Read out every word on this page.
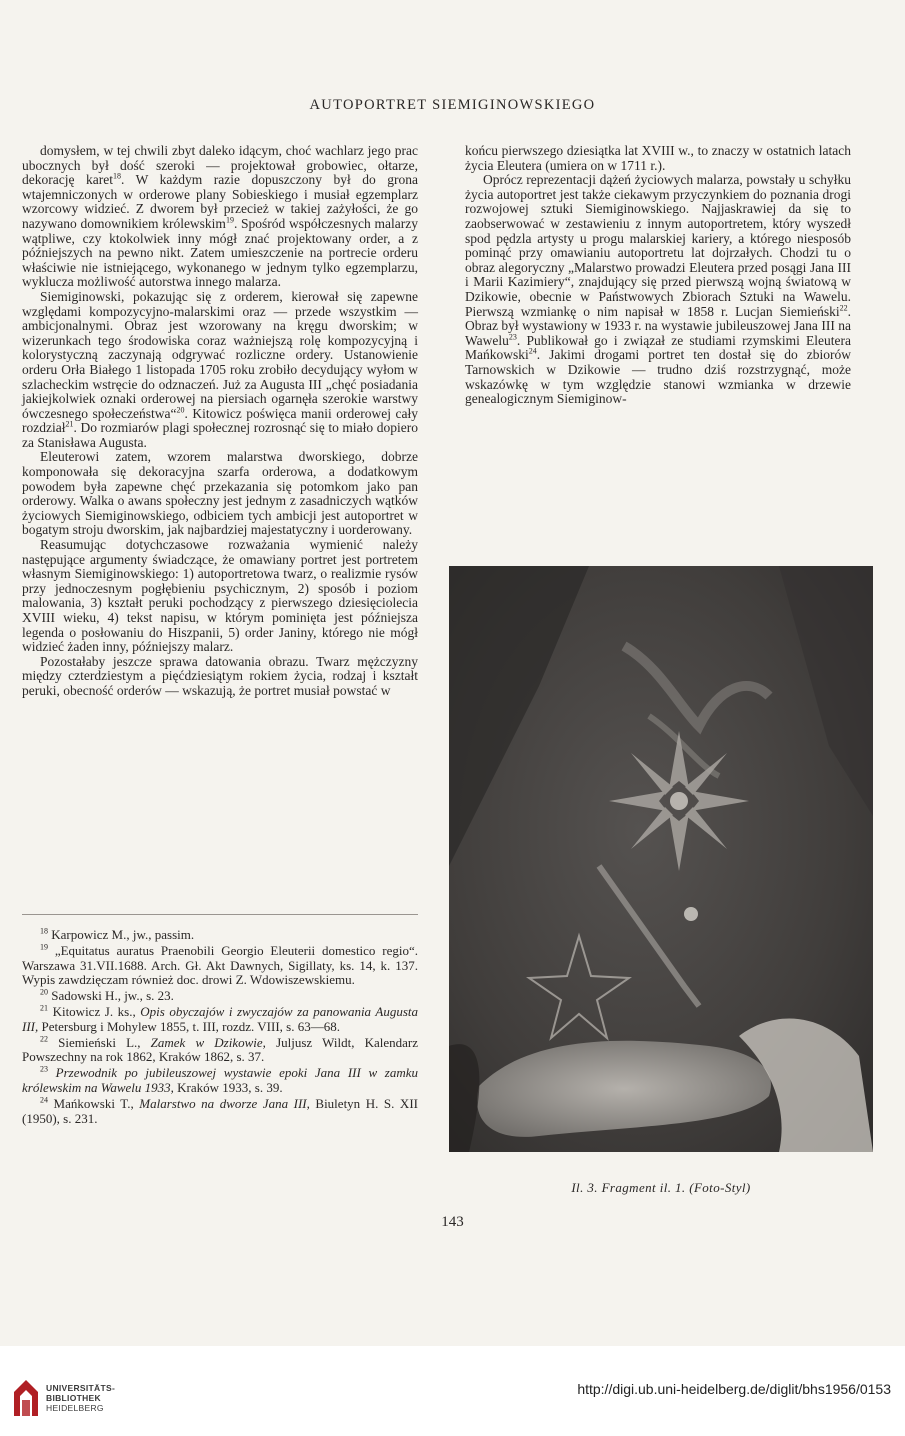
AUTOPORTRET SIEMIGINOWSKIEGO

domysłem, w tej chwili zbyt daleko idącym, choć wachlarz jego prac ubocznych był dość szeroki — projektował grobowiec, ołtarze, dekorację karet$^{18}$. W każdym razie dopuszczony był do grona wtajemniczonych w orderowe plany Sobieskiego i musiał egzemplarz wzorcowy widzieć. Z dworem był przecież w takiej zażyłości, że go nazywano domownikiem królewskim$^{19}$. Spośród współczesnych malarzy wątpliwe, czy ktokolwiek inny mógł znać projektowany order, a z późniejszych na pewno nikt. Zatem umieszczenie na portrecie orderu właściwie nie istniejącego, wykonanego w jednym tylko egzemplarzu, wyklucza możliwość autorstwa innego malarza.

Siemiginowski, pokazując się z orderem, kierował się zapewne względami kompozycyjno-malarskimi oraz — przede wszystkim — ambicjonalnymi. Obraz jest wzorowany na kręgu dworskim; w wizerunkach tego środowiska coraz ważniejszą rolę kompozycyjną i kolorystyczną zaczynają odgrywać rozliczne ordery. Ustanowienie orderu Orła Białego 1 listopada 1705 roku zrobiło decydujący wyłom w szlacheckim wstręcie do odznaczeń. Już za Augusta III „chęć posiadania jakiejkolwiek oznaki orderowej na piersiach ogarnęła szerokie warstwy ówczesnego społeczeństwa“$^{20}$. Kitowicz poświęca manii orderowej cały rozdział$^{21}$. Do rozmiarów plagi społecznej rozrosnąć się to miało dopiero za Stanisława Augusta.

Eleuterowi zatem, wzorem malarstwa dworskiego, dobrze komponowała się dekoracyjna szarfa orderowa, a dodatkowym powodem była zapewne chęć przekazania się potomkom jako pan orderowy. Walka o awans społeczny jest jednym z zasadniczych wątków życiowych Siemiginowskiego, odbiciem tych ambicji jest autoportret w bogatym stroju dworskim, jak najbardziej majestatyczny i uorderowany.

Reasumując dotychczasowe rozważania wymienić należy następujące argumenty świadczące, że omawiany portret jest portretem własnym Siemiginowskiego: 1) autoportretowa twarz, o realizmie rysów przy jednoczesnym pogłębieniu psychicznym, 2) sposób i poziom malowania, 3) kształt peruki pochodzący z pierwszego dziesięciolecia XVIII wieku, 4) tekst napisu, w którym pominięta jest późniejsza legenda o posłowaniu do Hiszpanii, 5) order Janiny, którego nie mógł widzieć żaden inny, późniejszy malarz.

Pozostałaby jeszcze sprawa datowania obrazu. Twarz mężczyzny między czterdziestym a pięćdziesiątym rokiem życia, rodzaj i kształt peruki, obecność orderów — wskazują, że portret musiał powstać w

końcu pierwszego dziesiątka lat XVIII w., to znaczy w ostatnich latach życia Eleutera (umiera on w 1711 r.).

Oprócz reprezentacji dążeń życiowych malarza, powstały u schyłku życia autoportret jest także ciekawym przyczynkiem do poznania drogi rozwojowej sztuki Siemiginowskiego. Najjaskrawiej da się to zaobserwować w zestawieniu z innym autoportretem, który wyszedł spod pędzla artysty u progu malarskiej kariery, a którego niesposób pominąć przy omawianiu autoportretu lat dojrzałych. Chodzi tu o obraz alegoryczny „Malarstwo prowadzi Eleutera przed posągi Jana III i Marii Kazimiery“, znajdujący się przed pierwszą wojną światową w Dzikowie, obecnie w Państwowych Zbiorach Sztuki na Wawelu. Pierwszą wzmiankę o nim napisał w 1858 r. Lucjan Siemieński$^{22}$. Obraz był wystawiony w 1933 r. na wystawie jubileuszowej Jana III na Wawelu$^{23}$. Publikował go i związał ze studiami rzymskimi Eleutera Mańkowski$^{24}$. Jakimi drogami portret ten dostał się do zbiorów Tarnowskich w Dzikowie — trudno dziś rozstrzygnąć, może wskazówkę w tym względzie stanowi wzmianka w drzewie genealogicznym Siemiginow-

$^{18}$ Karpowicz M., jw., passim.

$^{19}$ „Equitatus auratus Praenobili Georgio Eleuterii domestico regio“. Warszawa 31.VII.1688. Arch. Gł. Akt Dawnych, Sigillaty, ks. 14, k. 137. Wypis zawdzięczam również doc. drowi Z. Wdowiszewskiemu.

$^{20}$ Sadowski H., jw., s. 23.

$^{21}$ Kitowicz J. ks., Opis obyczajów i zwyczajów za panowania Augusta III, Petersburg i Mohylew 1855, t. III, rozdz. VIII, s. 63—68.

$^{22}$ Siemieński L., Zamek w Dzikowie, Juljusz Wildt, Kalendarz Powszechny na rok 1862, Kraków 1862, s. 37.

$^{23}$ Przewodnik po jubileuszowej wystawie epoki Jana III w zamku królewskim na Wawelu 1933, Kraków 1933, s. 39.

$^{24}$ Mańkowski T., Malarstwo na dworze Jana III, Biuletyn H. S. XII (1950), s. 231.

Il. 3. Fragment il. 1. (Foto-Styl)
143
UNIVERSITÄTS-
BIBLIOTHEK
HEIDELBERG
http://digi.ub.uni-heidelberg.de/diglit/bhs1956/0153
